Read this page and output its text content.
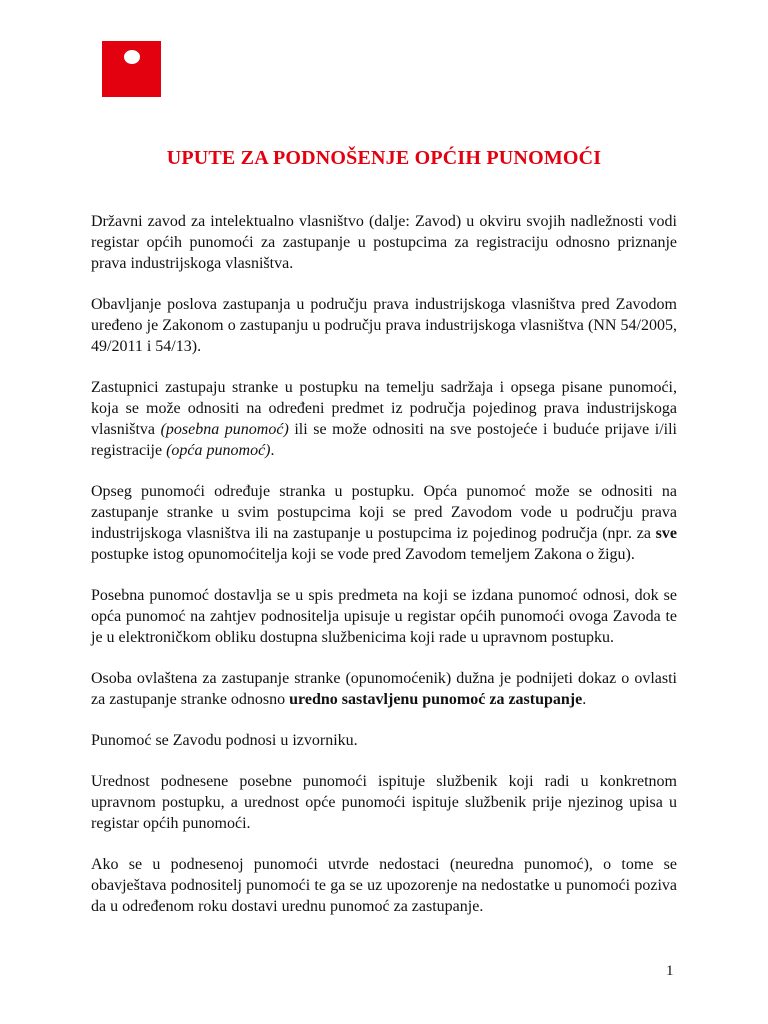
UPUTE ZA PODNOŠENJE OPĆIH PUNOMOĆI

Državni zavod za intelektualno vlasništvo (dalje: Zavod) u okviru svojih nadležnosti vodi registar općih punomoći za zastupanje u postupcima za registraciju odnosno priznanje prava industrijskoga vlasništva.

Obavljanje poslova zastupanja u području prava industrijskoga vlasništva pred Zavodom uređeno je Zakonom o zastupanju u području prava industrijskoga vlasništva (NN 54/2005, 49/2011 i 54/13).

Zastupnici zastupaju stranke u postupku na temelju sadržaja i opsega pisane punomoći, koja se može odnositi na određeni predmet iz područja pojedinog prava industrijskoga vlasništva (posebna punomoć) ili se može odnositi na sve postojeće i buduće prijave i/ili registracije (opća punomoć).

Opseg punomoći određuje stranka u postupku. Opća punomoć može se odnositi na zastupanje stranke u svim postupcima koji se pred Zavodom vode u području prava industrijskoga vlasništva ili na zastupanje u postupcima iz pojedinog područja (npr. za sve postupke istog opunomoćitelja koji se vode pred Zavodom temeljem Zakona o žigu).

Posebna punomoć dostavlja se u spis predmeta na koji se izdana punomoć odnosi, dok se opća punomoć na zahtjev podnositelja upisuje u registar općih punomoći ovoga Zavoda te je u elektroničkom obliku dostupna službenicima koji rade u upravnom postupku.

Osoba ovlaštena za zastupanje stranke (opunomoćenik) dužna je podnijeti dokaz o ovlasti za zastupanje stranke odnosno uredno sastavljenu punomoć za zastupanje.

Punomoć se Zavodu podnosi u izvorniku.

Urednost podnesene posebne punomoći ispituje službenik koji radi u konkretnom upravnom postupku, a urednost opće punomoći ispituje službenik prije njezinog upisa u registar općih punomoći.

Ako se u podnesenoj punomoći utvrde nedostaci (neuredna punomoć), o tome se obavještava podnositelj punomoći te ga se uz upozorenje na nedostatke u punomoći poziva da u određenom roku dostavi urednu punomoć za zastupanje.

1
